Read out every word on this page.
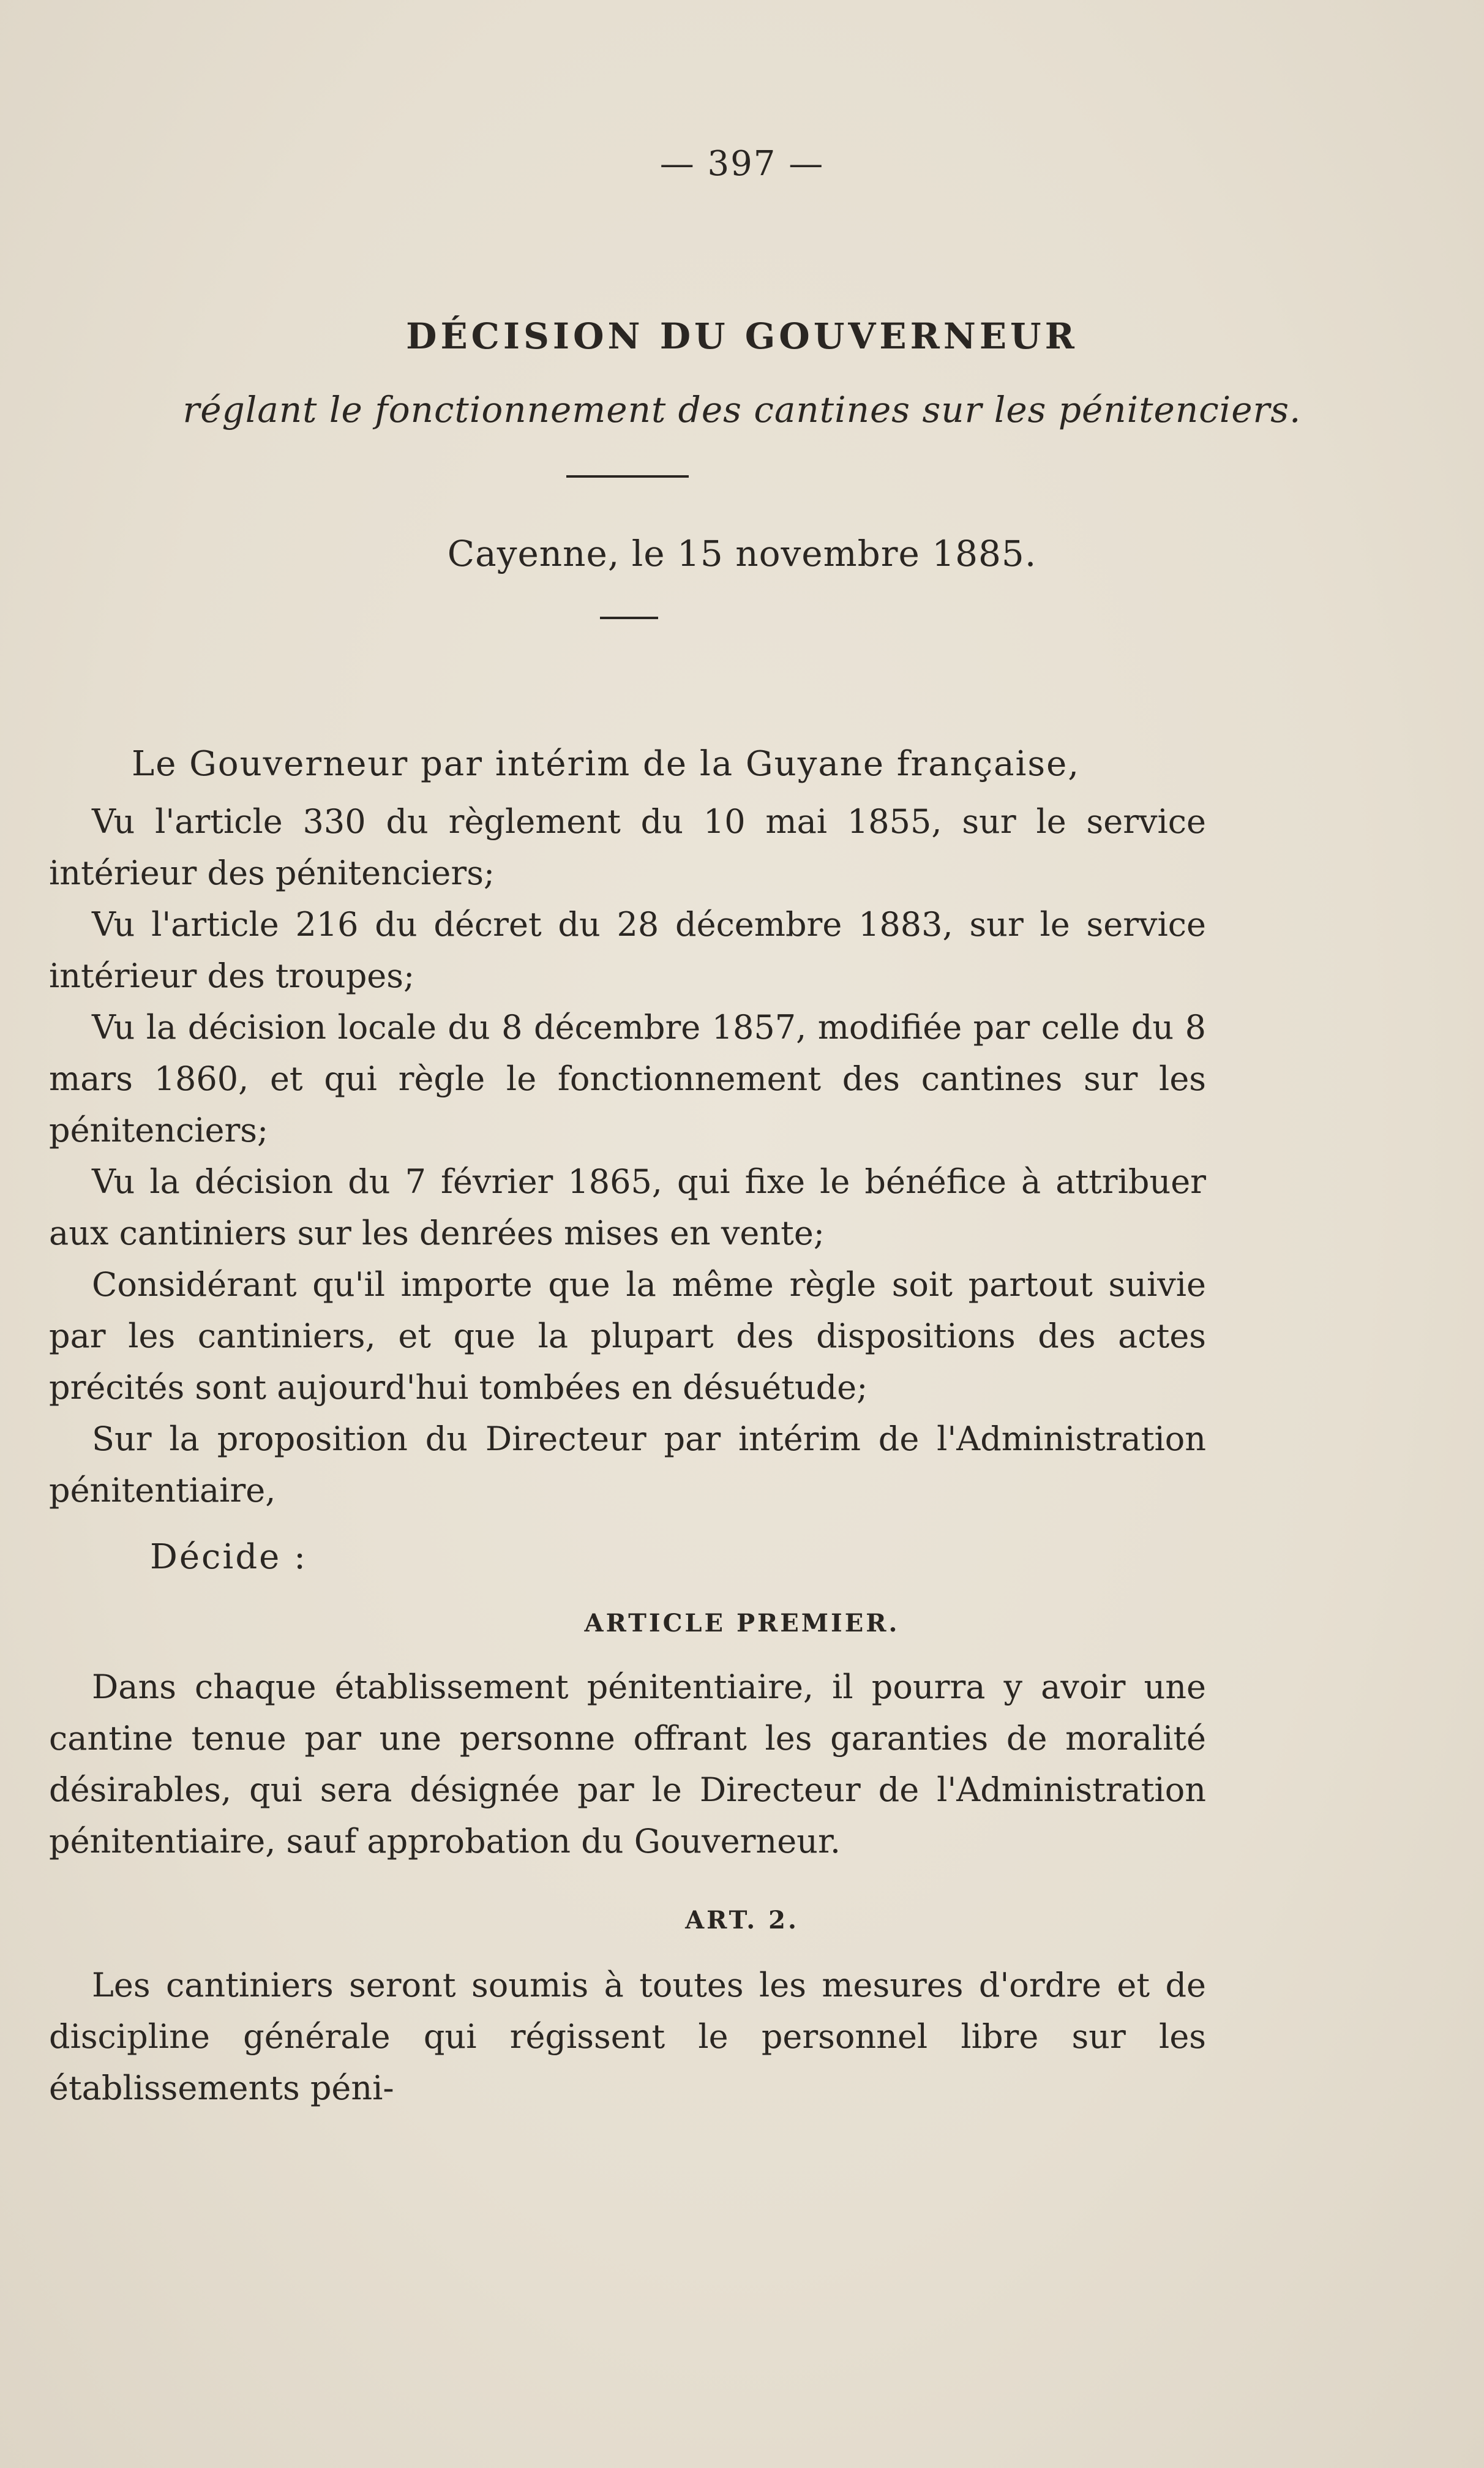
— 397 —
DÉCISION DU GOUVERNEUR
réglant le fonctionnement des cantines sur les pénitenciers.
Cayenne, le 15 novembre 1885.
Le Gouverneur par intérim de la Guyane française,

Vu l'article 330 du règlement du 10 mai 1855, sur le service intérieur des pénitenciers;

Vu l'article 216 du décret du 28 décembre 1883, sur le service intérieur des troupes;

Vu la décision locale du 8 décembre 1857, modifiée par celle du 8 mars 1860, et qui règle le fonctionnement des cantines sur les pénitenciers;

Vu la décision du 7 février 1865, qui fixe le bénéfice à attribuer aux cantiniers sur les denrées mises en vente;

Considérant qu'il importe que la même règle soit partout suivie par les cantiniers, et que la plupart des dispositions des actes précités sont aujourd'hui tombées en désuétude;

Sur la proposition du Directeur par intérim de l'Administration pénitentiaire,

Décide :
ARTICLE PREMIER.

Dans chaque établissement pénitentiaire, il pourra y avoir une cantine tenue par une personne offrant les garanties de moralité désirables, qui sera désignée par le Directeur de l'Administration pénitentiaire, sauf approbation du Gouverneur.

ART. 2.

Les cantiniers seront soumis à toutes les mesures d'ordre et de discipline générale qui régissent le personnel libre sur les établissements péni-
